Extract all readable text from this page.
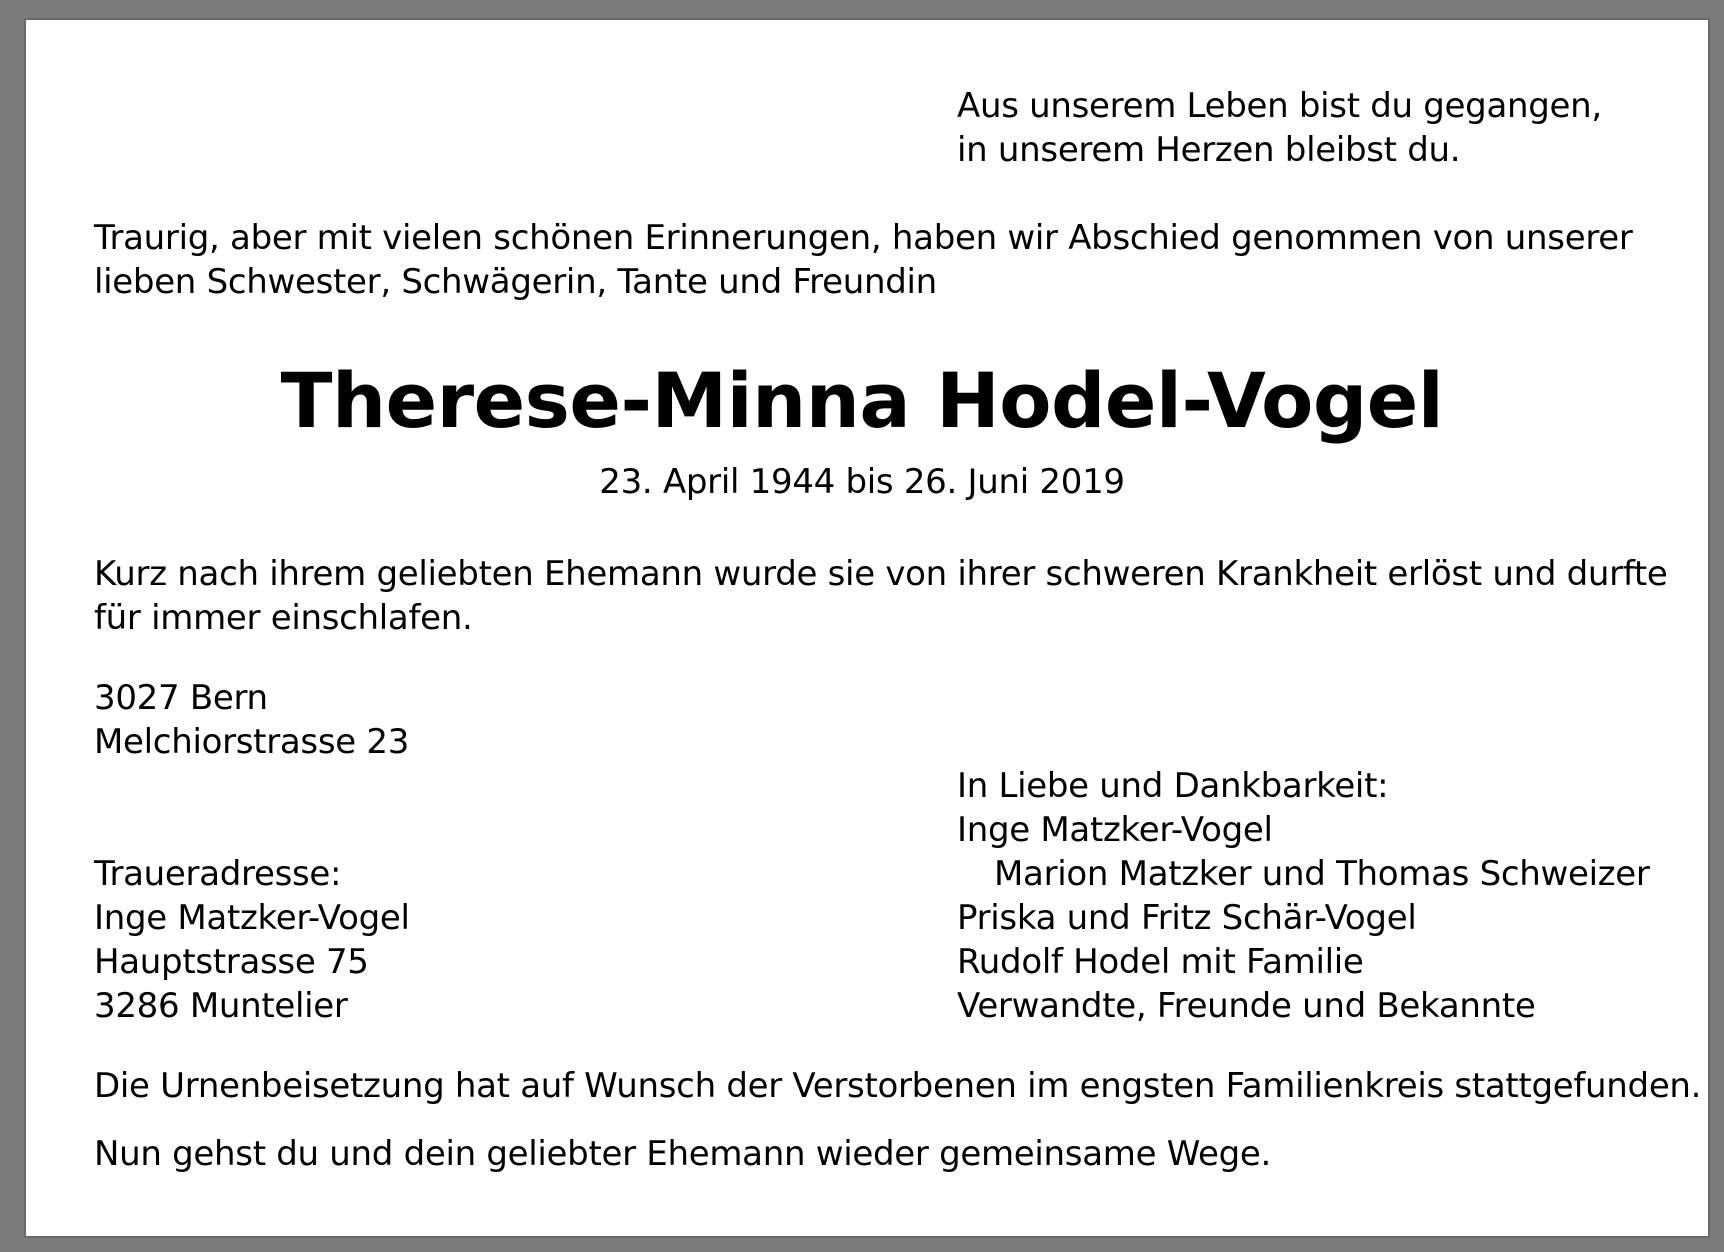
Aus unserem Leben bist du gegangen,
in unserem Herzen bleibst du.
Traurig, aber mit vielen schönen Erinnerungen, haben wir Abschied genommen von unserer
lieben Schwester, Schwägerin, Tante und Freundin
Therese-Minna Hodel-Vogel
23. April 1944 bis 26. Juni 2019
Kurz nach ihrem geliebten Ehemann wurde sie von ihrer schweren Krankheit erlöst und durfte
für immer einschlafen.
3027 Bern
Melchiorstrasse 23
In Liebe und Dankbarkeit:
Inge Matzker-Vogel
Marion Matzker und Thomas Schweizer
Priska und Fritz Schär-Vogel
Rudolf Hodel mit Familie
Verwandte, Freunde und Bekannte
Traueradresse:
Inge Matzker-Vogel
Hauptstrasse 75
3286 Muntelier
Die Urnenbeisetzung hat auf Wunsch der Verstorbenen im engsten Familienkreis stattgefunden.
Nun gehst du und dein geliebter Ehemann wieder gemeinsame Wege.
